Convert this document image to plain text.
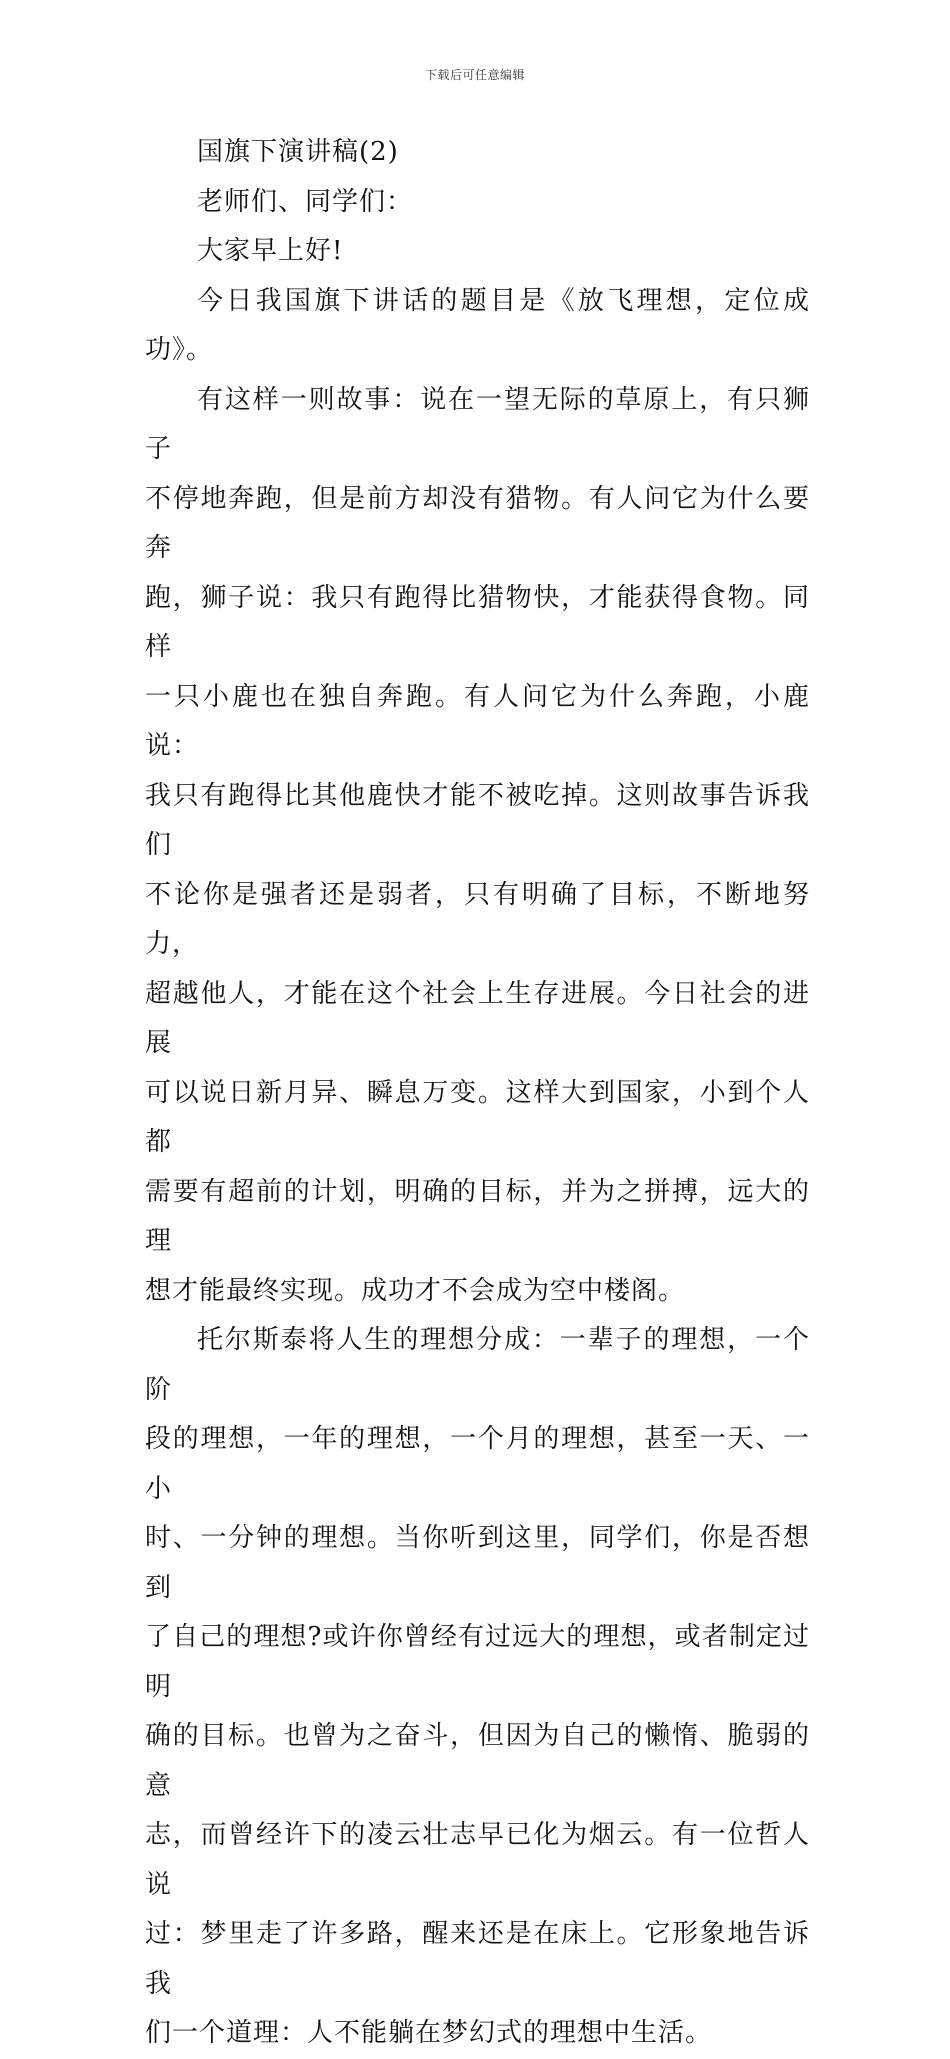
下载后可任意编辑

国旗下演讲稿(2)

老师们、同学们：

大家早上好!

今日我国旗下讲话的题目是《放飞理想，定位成功》。

有这样一则故事：说在一望无际的草原上，有只狮子
不停地奔跑，但是前方却没有猎物。有人问它为什么要奔
跑，狮子说：我只有跑得比猎物快，才能获得食物。同样
一只小鹿也在独自奔跑。有人问它为什么奔跑，小鹿说：
我只有跑得比其他鹿快才能不被吃掉。这则故事告诉我们
不论你是强者还是弱者，只有明确了目标，不断地努力，
超越他人，才能在这个社会上生存进展。今日社会的进展
可以说日新月异、瞬息万变。这样大到国家，小到个人都
需要有超前的计划，明确的目标，并为之拼搏，远大的理
想才能最终实现。成功才不会成为空中楼阁。

托尔斯泰将人生的理想分成：一辈子的理想，一个阶
段的理想，一年的理想，一个月的理想，甚至一天、一小
时、一分钟的理想。当你听到这里，同学们，你是否想到
了自己的理想?或许你曾经有过远大的理想，或者制定过明
确的目标。也曾为之奋斗，但因为自己的懒惰、脆弱的意
志，而曾经许下的凌云壮志早已化为烟云。有一位哲人说
过：梦里走了许多路，醒来还是在床上。它形象地告诉我
们一个道理：人不能躺在梦幻式的理想中生活。
